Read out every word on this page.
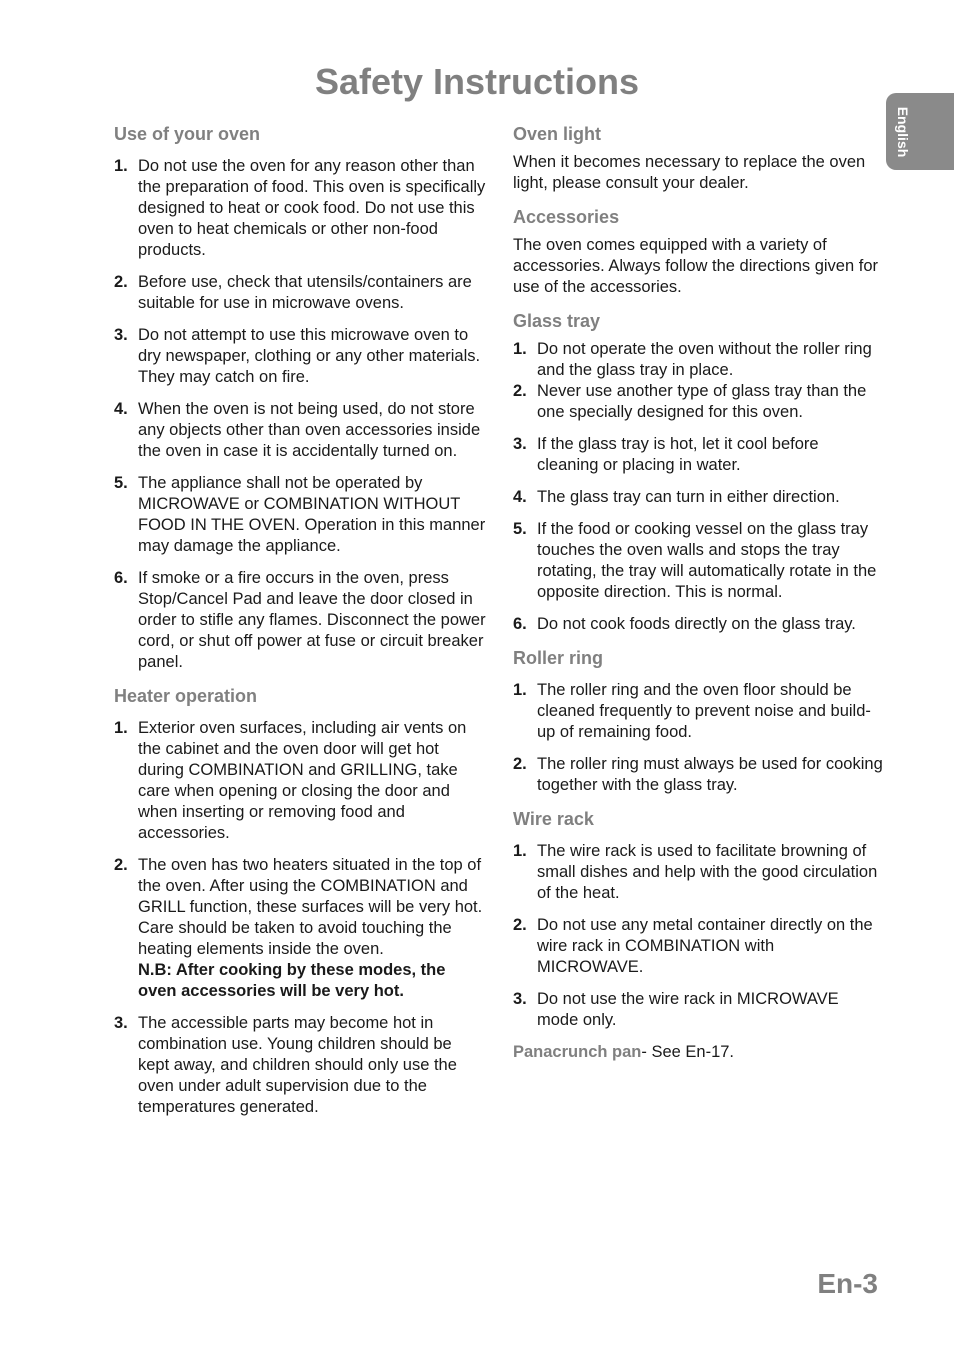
Safety Instructions
English
Use of your oven
1. Do not use the oven for any reason other than the preparation of food. This oven is specifically designed to heat or cook food. Do not use this oven to heat chemicals or other non-food products.
2. Before use, check that utensils/containers are suitable for use in microwave ovens.
3. Do not attempt to use this microwave oven to dry newspaper, clothing or any other materials. They may catch on fire.
4. When the oven is not being used, do not store any objects other than oven accessories inside the oven in case it is accidentally turned on.
5. The appliance shall not be operated by MICROWAVE or COMBINATION WITHOUT FOOD IN THE OVEN. Operation in this manner may damage the appliance.
6. If smoke or a fire occurs in the oven, press Stop/Cancel Pad and leave the door closed in order to stifle any flames. Disconnect the power cord, or shut off power at fuse or circuit breaker panel.
Heater operation
1. Exterior oven surfaces, including air vents on the cabinet and the oven door will get hot during COMBINATION and GRILLING, take care when opening or closing the door and when inserting or removing food and accessories.
2. The oven has two heaters situated in the top of the oven. After using the COMBINATION and GRILL function, these surfaces will be very hot. Care should be taken to avoid touching the heating elements inside the oven.
N.B: After cooking by these modes, the oven accessories will be very hot.
3. The accessible parts may become hot in combination use. Young children should be kept away, and children should only use the oven under adult supervision due to the temperatures generated.
Oven light
When it becomes necessary to replace the oven light, please consult your dealer.
Accessories
The oven comes equipped with a variety of accessories. Always follow the directions given for use of the accessories.
Glass tray
1. Do not operate the oven without the roller ring and the glass tray in place.
2. Never use another type of glass tray than the one specially designed for this oven.
3. If the glass tray is hot, let it cool before cleaning or placing in water.
4. The glass tray can turn in either direction.
5. If the food or cooking vessel on the glass tray touches the oven walls and stops the tray rotating, the tray will automatically rotate in the opposite direction. This is normal.
6. Do not cook foods directly on the glass tray.
Roller ring
1. The roller ring and the oven floor should be cleaned frequently to prevent noise and build-up of remaining food.
2. The roller ring must always be used for cooking together with the glass tray.
Wire rack
1. The wire rack is used to facilitate browning of small dishes and help with the good circulation of the heat.
2. Do not use any metal container directly on the wire rack in COMBINATION with MICROWAVE.
3. Do not use the wire rack in MICROWAVE mode only.
Panacrunch pan- See En-17.
En-3
